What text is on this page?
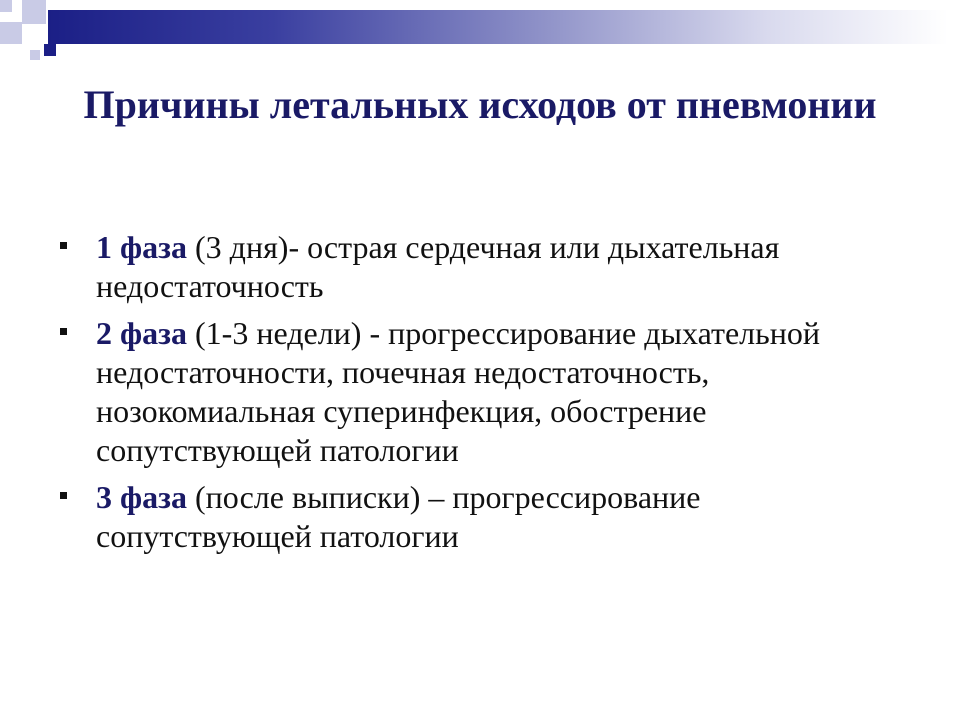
Причины летальных исходов от пневмонии
1 фаза (3 дня)- острая сердечная или дыхательная недостаточность
2 фаза (1-3 недели) - прогрессирование дыхательной недостаточности, почечная недостаточность, нозокомиальная суперинфекция, обострение сопутствующей патологии
3 фаза (после выписки) – прогрессирование сопутствующей патологии
